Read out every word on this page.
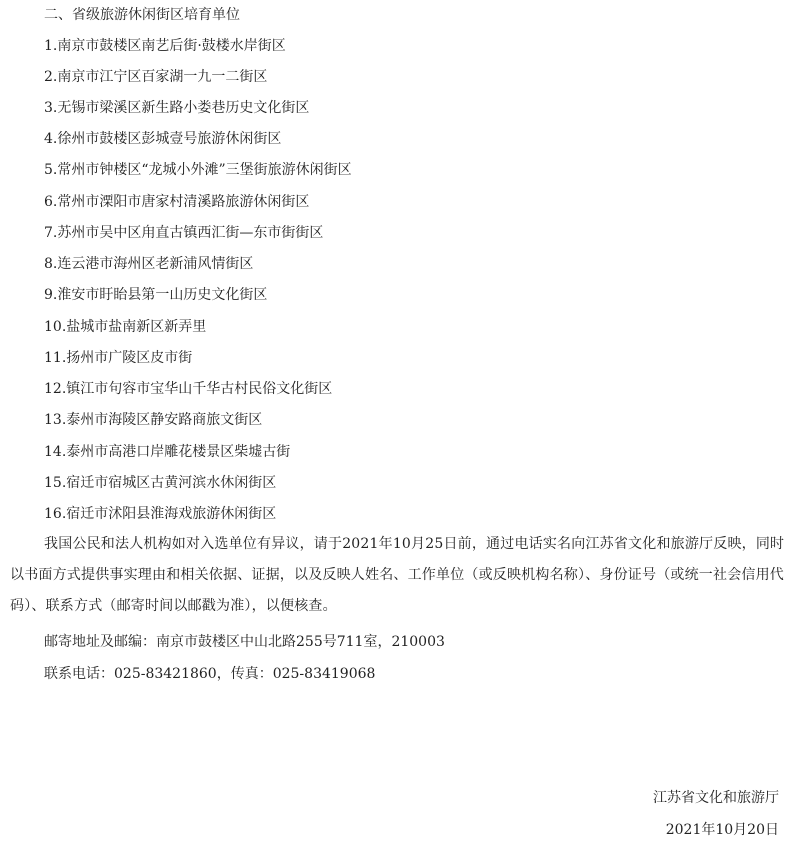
二、省级旅游休闲街区培育单位
1.南京市鼓楼区南艺后街·鼓楼水岸街区
2.南京市江宁区百家湖一九一二街区
3.无锡市梁溪区新生路小娄巷历史文化街区
4.徐州市鼓楼区彭城壹号旅游休闲街区
5.常州市钟楼区“龙城小外滩”三堡街旅游休闲街区
6.常州市溧阳市唐家村清溪路旅游休闲街区
7.苏州市吴中区甪直古镇西汇街—东市街街区
8.连云港市海州区老新浦风情街区
9.淮安市盱眙县第一山历史文化街区
10.盐城市盐南新区新弄里
11.扬州市广陵区皮市街
12.镇江市句容市宝华山千华古村民俗文化街区
13.泰州市海陵区静安路商旅文街区
14.泰州市高港口岸雕花楼景区柴墟古街
15.宿迁市宿城区古黄河滨水休闲街区
16.宿迁市沭阳县淮海戏旅游休闲街区
我国公民和法人机构如对入选单位有异议，请于2021年10月25日前，通过电话实名向江苏省文化和旅游厅反映，同时以书面方式提供事实理由和相关依据、证据，以及反映人姓名、工作单位（或反映机构名称）、身份证号（或统一社会信用代码）、联系方式（邮寄时间以邮戳为准），以便核查。
邮寄地址及邮编：南京市鼓楼区中山北路255号711室，210003
联系电话：025-83421860，传真：025-83419068
江苏省文化和旅游厅
2021年10月20日
